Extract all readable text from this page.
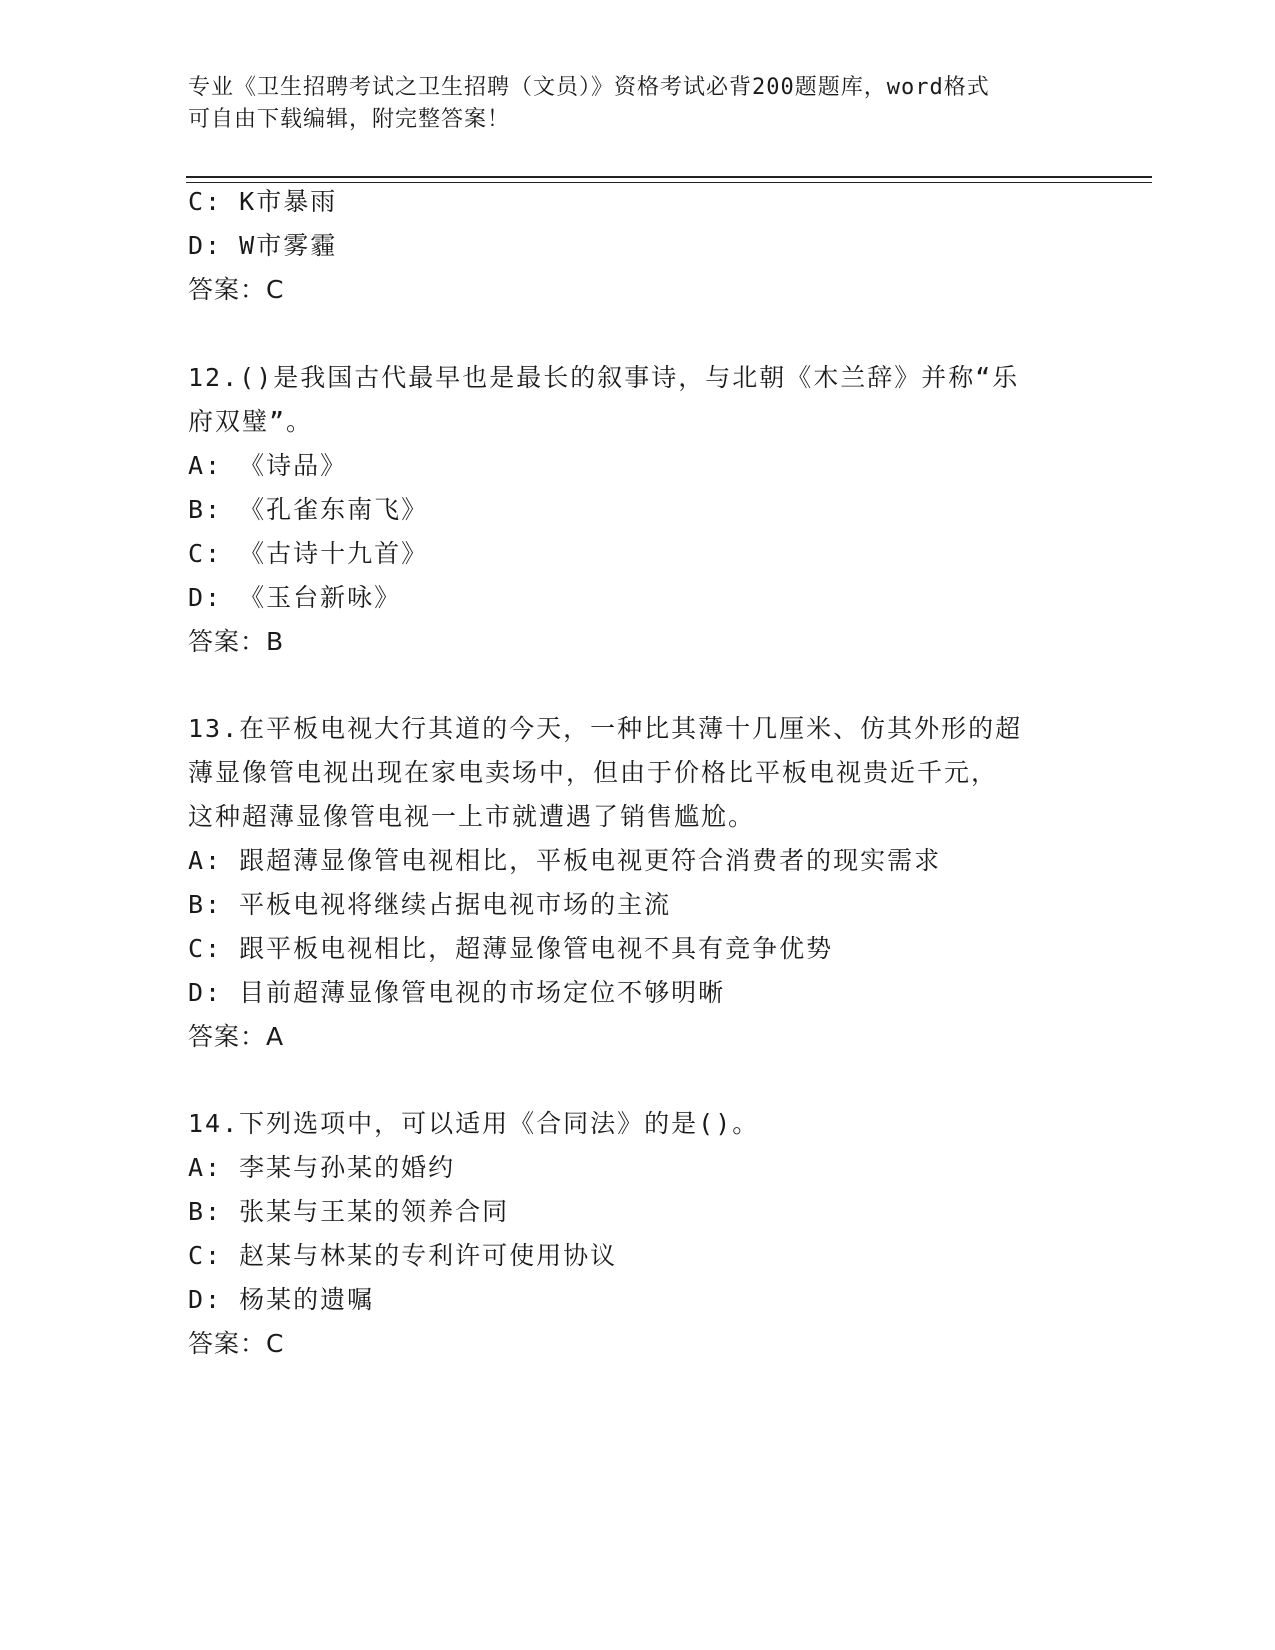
专业《卫生招聘考试之卫生招聘（文员）》资格考试必背200题题库，word格式
可自由下载编辑，附完整答案！
C: K市暴雨
D: W市雾霾
答案：C
12.()是我国古代最早也是最长的叙事诗，与北朝《木兰辞》并称“乐
府双璧”。
A: 《诗品》
B: 《孔雀东南飞》
C: 《古诗十九首》
D: 《玉台新咏》
答案：B
13.在平板电视大行其道的今天，一种比其薄十几厘米、仿其外形的超
薄显像管电视出现在家电卖场中，但由于价格比平板电视贵近千元，
这种超薄显像管电视一上市就遭遇了销售尴尬。
A: 跟超薄显像管电视相比，平板电视更符合消费者的现实需求
B: 平板电视将继续占据电视市场的主流
C: 跟平板电视相比，超薄显像管电视不具有竞争优势
D: 目前超薄显像管电视的市场定位不够明晰
答案：A
14.下列选项中，可以适用《合同法》的是()。
A: 李某与孙某的婚约
B: 张某与王某的领养合同
C: 赵某与林某的专利许可使用协议
D: 杨某的遗嘱
答案：C
